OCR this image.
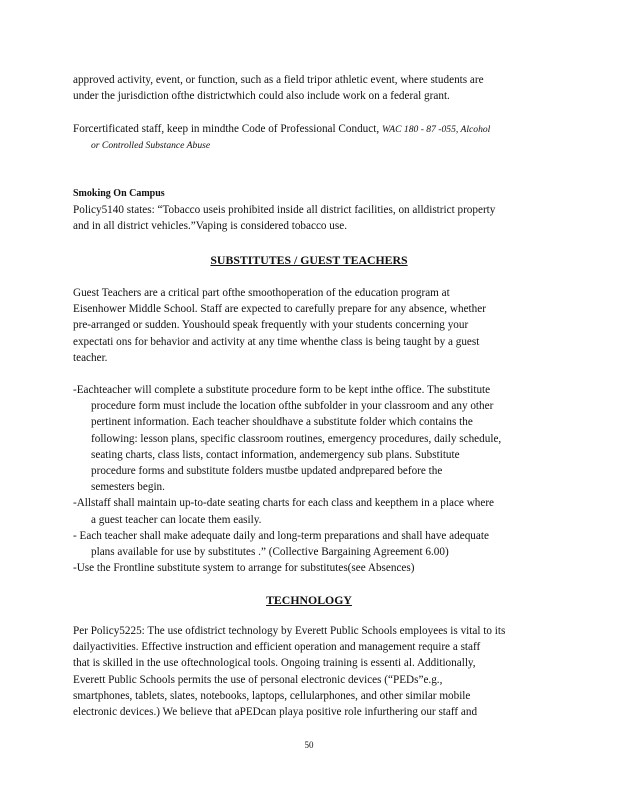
approved activity, event, or function, such as a field tripor athletic event, where students are

under the jurisdiction ofthe districtwhich could also include work on a federal grant.

Forcertificated staff, keep in mindthe Code of Professional Conduct, WAC 180 - 87 -055, Alcohol

or Controlled Substance Abuse

Smoking On Campus

Policy5140 states: “Tobacco useis prohibited inside all district facilities, on alldistrict property

and in all district vehicles.”Vaping is considered tobacco use.

SUBSTITUTES / GUEST TEACHERS

Guest Teachers are a critical part ofthe smoothoperation of the education program at

Eisenhower Middle School. Staff are expected to carefully prepare for any absence, whether

pre-arranged or sudden. Youshould speak frequently with your students concerning your

expectati ons for behavior and activity at any time whenthe class is being taught by a guest

teacher.

-Eachteacher will complete a substitute procedure form to be kept inthe office. The substitute

procedure form must include the location ofthe subfolder in your classroom and any other

pertinent information. Each teacher shouldhave a substitute folder which contains the

following: lesson plans, specific classroom routines, emergency procedures, daily schedule,

seating charts, class lists, contact information, andemergency sub plans. Substitute

procedure forms and substitute folders mustbe updated andprepared before the

semesters begin.

-Allstaff shall maintain up-to-date seating charts for each class and keepthem in a place where

a guest teacher can locate them easily.

- Each teacher shall make adequate daily and long-term preparations and shall have adequate

plans available for use by substitutes .” (Collective Bargaining Agreement 6.00)

-Use the Frontline substitute system to arrange for substitutes(see Absences)

TECHNOLOGY

Per Policy5225: The use ofdistrict technology by Everett Public Schools employees is vital to its

dailyactivities. Effective instruction and efficient operation and management require a staff

that is skilled in the use oftechnological tools. Ongoing training is essenti al. Additionally,

Everett Public Schools permits the use of personal electronic devices (“PEDs”e.g.,

smartphones, tablets, slates, notebooks, laptops, cellularphones, and other similar mobile

electronic devices.) We believe that aPEDcan playa positive role infurthering our staff and

50
